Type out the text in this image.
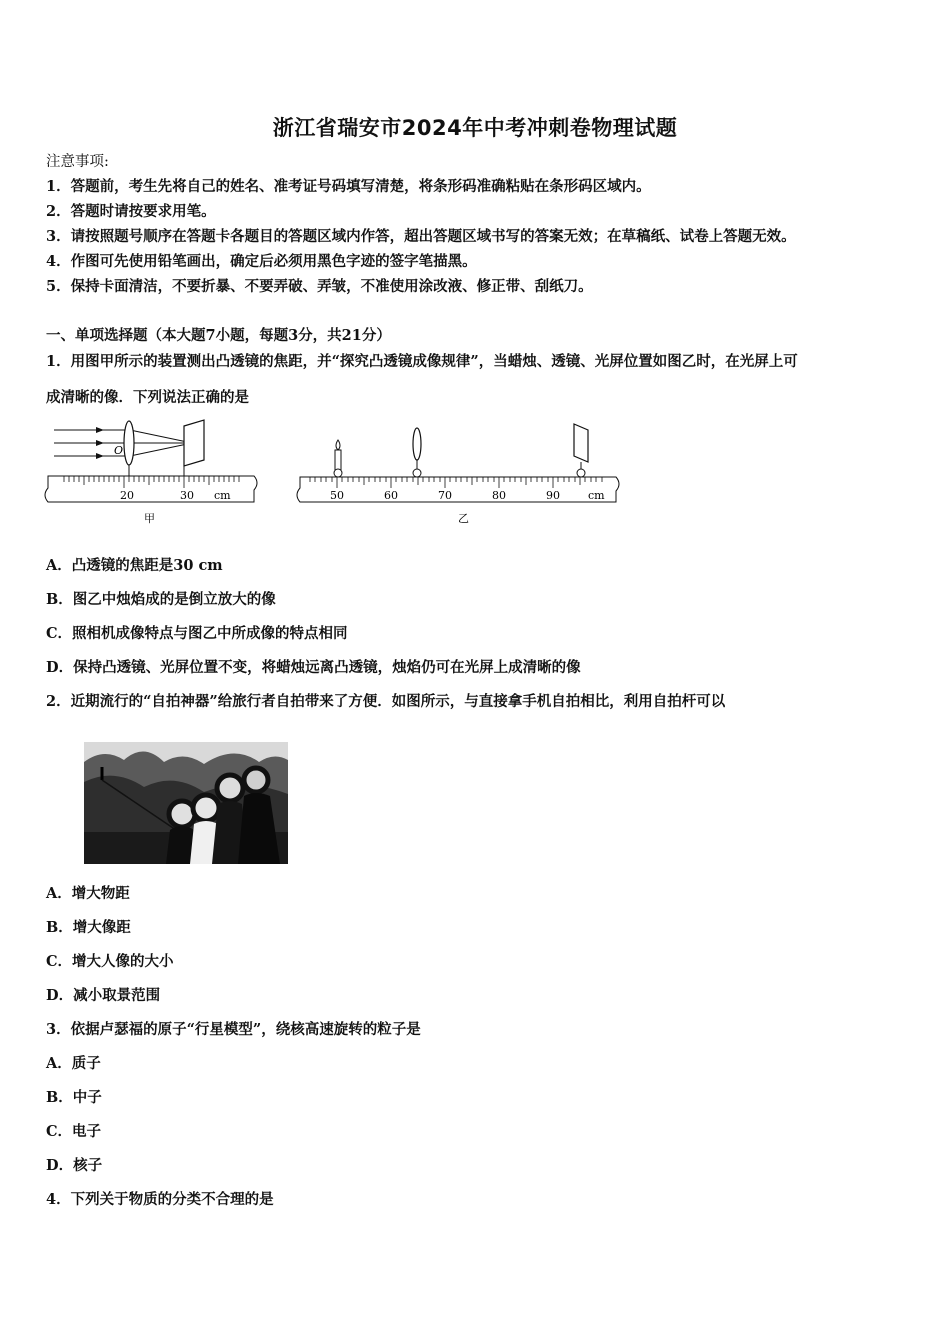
浙江省瑞安市2024年中考冲刺卷物理试题
注意事项:
1．答题前，考生先将自己的姓名、准考证号码填写清楚，将条形码准确粘贴在条形码区域内。
2．答题时请按要求用笔。
3．请按照题号顺序在答题卡各题目的答题区域内作答，超出答题区域书写的答案无效；在草稿纸、试卷上答题无效。
4．作图可先使用铅笔画出，确定后必须用黑色字迹的签字笔描黑。
5．保持卡面清洁，不要折暴、不要弄破、弄皱，不准使用涂改液、修正带、刮纸刀。
一、单项选择题（本大题7小题，每题3分，共21分）
1．用图甲所示的装置测出凸透镜的焦距，并“探究凸透镜成像规律”，当蜡烛、透镜、光屏位置如图乙时，在光屏上可
成清晰的像．下列说法正确的是
O
20	30 cm
甲
50	60	70	80	90	cm
乙
A．凸透镜的焦距是30 cm
B．图乙中烛焰成的是倒立放大的像
C．照相机成像特点与图乙中所成像的特点相同
D．保持凸透镜、光屏位置不变，将蜡烛远离凸透镜，烛焰仍可在光屏上成清晰的像
2．近期流行的“自拍神器”给旅行者自拍带来了方便．如图所示，与直接拿手机自拍相比，利用自拍杆可以
A．增大物距
B．增大像距
C．增大人像的大小
D．减小取景范围
3．依据卢瑟福的原子“行星模型”，绕核高速旋转的粒子是
A．质子
B．中子
C．电子
D．核子
4．下列关于物质的分类不合理的是
